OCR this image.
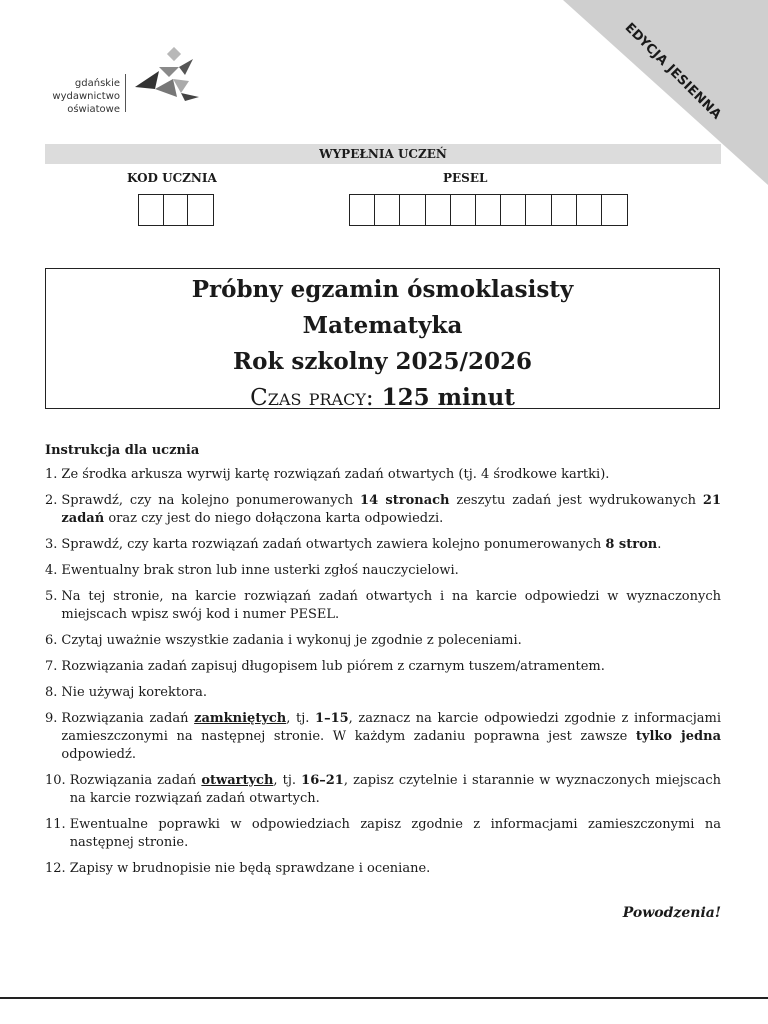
EDYCJA JESIENNA
gdańskie
wydawnictwo
oświatowe
WYPEŁNIA UCZEŃ
KOD UCZNIA	PESEL
Próbny egzamin ósmoklasisty
Matematyka
Rok szkolny 2025/2026
Czas pracy: 125 minut
Instrukcja dla ucznia
1. Ze środka arkusza wyrwij kartę rozwiązań zadań otwartych (tj. 4 środkowe kartki).
2. Sprawdź, czy na kolejno ponumerowanych 14 stronach zeszytu zadań jest wydrukowanych 21 zadań oraz czy jest do niego dołączona karta odpowiedzi.
3. Sprawdź, czy karta rozwiązań zadań otwartych zawiera kolejno ponumerowanych 8 stron.
4. Ewentualny brak stron lub inne usterki zgłoś nauczycielowi.
5. Na tej stronie, na karcie rozwiązań zadań otwartych i na karcie odpowiedzi w wyznaczonych miejscach wpisz swój kod i numer PESEL.
6. Czytaj uważnie wszystkie zadania i wykonuj je zgodnie z poleceniami.
7. Rozwiązania zadań zapisuj długopisem lub piórem z czarnym tuszem/atramentem.
8. Nie używaj korektora.
9. Rozwiązania zadań zamkniętych, tj. 1–15, zaznacz na karcie odpowiedzi zgodnie z informacjami zamieszczonymi na następnej stronie. W każdym zadaniu poprawna jest zawsze tylko jedna odpowiedź.
10. Rozwiązania zadań otwartych, tj. 16–21, zapisz czytelnie i starannie w wyznaczonych miejscach na karcie rozwiązań zadań otwartych.
11. Ewentualne poprawki w odpowiedziach zapisz zgodnie z informacjami zamieszczonymi na następnej stronie.
12. Zapisy w brudnopisie nie będą sprawdzane i oceniane.
Powodzenia!
